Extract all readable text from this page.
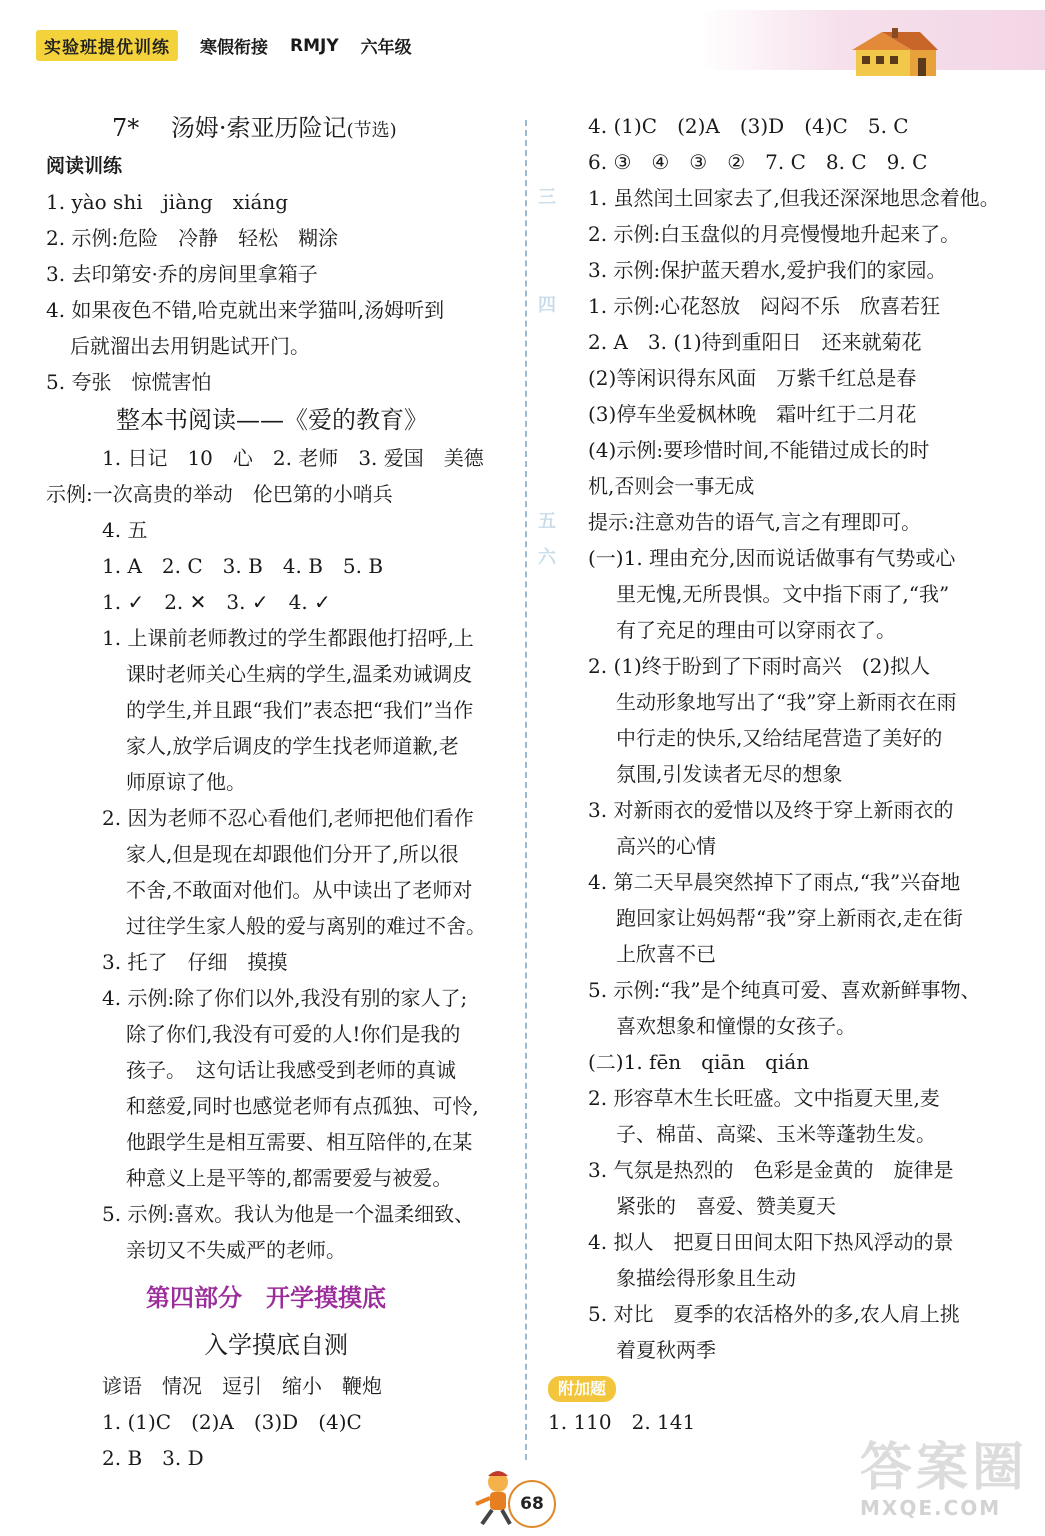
实验班提优训练	寒假衔接 RMJY 六年级
7*　 汤姆·索亚历险记(节选)
阅读训练
1. yào shi　jiàng　xiáng
2. 示例:危险　冷静　轻松　糊涂
3. 去印第安·乔的房间里拿箱子
4. 如果夜色不错,哈克就出来学猫叫,汤姆听到
后就溜出去用钥匙试开门。
5. 夸张　惊慌害怕
整本书阅读——《爱的教育》
1. 日记　10　心　2. 老师　3. 爱国　美德
示例:一次高贵的举动　伦巴第的小哨兵
4. 五
1. A　2. C　3. B　4. B　5. B
1. ✓　2. ✕　3. ✓　4. ✓
1. 上课前老师教过的学生都跟他打招呼,上
课时老师关心生病的学生,温柔劝诫调皮
的学生,并且跟“我们”表态把“我们”当作
家人,放学后调皮的学生找老师道歉,老
师原谅了他。
2. 因为老师不忍心看他们,老师把他们看作
家人,但是现在却跟他们分开了,所以很
不舍,不敢面对他们。从中读出了老师对
过往学生家人般的爱与离别的难过不舍。
3. 托了　仔细　摸摸
4. 示例:除了你们以外,我没有别的家人了;
除了你们,我没有可爱的人!你们是我的
孩子。　这句话让我感受到老师的真诚
和慈爱,同时也感觉老师有点孤独、可怜,
他跟学生是相互需要、相互陪伴的,在某
种意义上是平等的,都需要爱与被爱。
5. 示例:喜欢。我认为他是一个温柔细致、
亲切又不失威严的老师。
第四部分　开学摸摸底
入学摸底自测
谚语　情况　逗引　缩小　鞭炮
1. (1)C　(2)A　(3)D　(4)C
2. B　3. D
4. (1)C　(2)A　(3)D　(4)C　5. C
6. ③　④　③　②　7. C　8. C　9. C
三 1. 虽然闰土回家去了,但我还深深地思念着他。
2. 示例:白玉盘似的月亮慢慢地升起来了。
3. 示例:保护蓝天碧水,爱护我们的家园。
四 1. 示例:心花怒放　闷闷不乐　欣喜若狂
2. A　3. (1)待到重阳日　还来就菊花
(2)等闲识得东风面　万紫千红总是春
(3)停车坐爱枫林晚　霜叶红于二月花
(4)示例:要珍惜时间,不能错过成长的时
机,否则会一事无成
五 提示:注意劝告的语气,言之有理即可。
六 (一)1. 理由充分,因而说话做事有气势或心
里无愧,无所畏惧。文中指下雨了,“我”
有了充足的理由可以穿雨衣了。
2. (1)终于盼到了下雨时高兴　(2)拟人
生动形象地写出了“我”穿上新雨衣在雨
中行走的快乐,又给结尾营造了美好的
氛围,引发读者无尽的想象
3. 对新雨衣的爱惜以及终于穿上新雨衣的
高兴的心情
4. 第二天早晨突然掉下了雨点,“我”兴奋地
跑回家让妈妈帮“我”穿上新雨衣,走在街
上欣喜不已
5. 示例:“我”是个纯真可爱、喜欢新鲜事物、
喜欢想象和憧憬的女孩子。
(二)1. fēn　qiān　qián
2. 形容草木生长旺盛。文中指夏天里,麦
子、棉苗、高粱、玉米等蓬勃生发。
3. 气氛是热烈的　色彩是金黄的　旋律是
紧张的　喜爱、赞美夏天
4. 拟人　把夏日田间太阳下热风浮动的景
象描绘得形象且生动
5. 对比　夏季的农活格外的多,农人肩上挑
着夏秋两季
附加题
1. 110　2. 141
68
答案圈
MXQE.COM
